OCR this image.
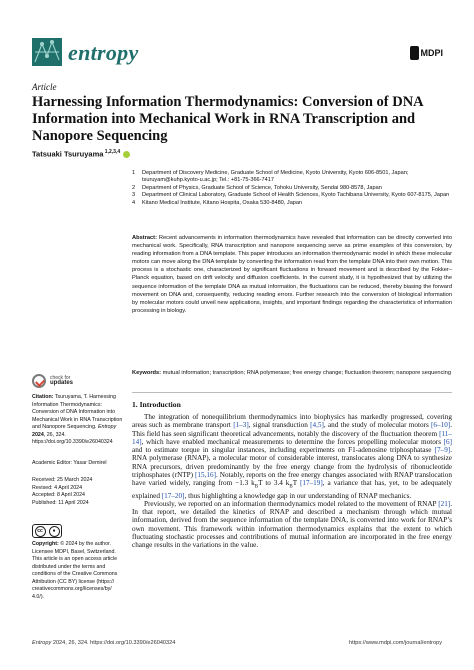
entropy	MDPI
Article
Harnessing Information Thermodynamics: Conversion of DNA Information into Mechanical Work in RNA Transcription and Nanopore Sequencing
Tatsuaki Tsuruyama $^{1,2,3,4}$
1	Department of Discovery Medicine, Graduate School of Medicine, Kyoto University, Kyoto 606-8501, Japan; tsuruyam@kuhp.kyoto-u.ac.jp; Tel.: +81-75-366-7417
2	Department of Physics, Graduate School of Science, Tohoku University, Sendai 980-8578, Japan
3	Department of Clinical Laboratory, Graduate School of Health Sciences, Kyoto Tachibana University, Kyoto 607-8175, Japan
4	Kitano Medical Institute, Kitano Hospita, Osaka 530-8480, Japan
Abstract: Recent advancements in information thermodynamics have revealed that information can be directly converted into mechanical work. Specifically, RNA transcription and nanopore sequencing serve as prime examples of this conversion, by reading information from a DNA template. This paper introduces an information thermodynamic model in which these molecular motors can move along the DNA template by converting the information read from the template DNA into their own motion. This process is a stochastic one, characterized by significant fluctuations in forward movement and is described by the Fokker–Planck equation, based on drift velocity and diffusion coefficients. In the current study, it is hypothesized that by utilizing the sequence information of the template DNA as mutual information, the fluctuations can be reduced, thereby biasing the forward movement on DNA and, consequently, reducing reading errors. Further research into the conversion of biological information by molecular motors could unveil new applications, insights, and important findings regarding the characteristics of information processing in biology.
Keywords: mutual information; transcription; RNA polymerase; free energy change; fluctuation theorem; nanopore sequencing
1. Introduction

The integration of nonequilibrium thermodynamics into biophysics has markedly progressed, covering areas such as membrane transport [1–3], signal transduction [4,5], and the study of molecular motors [6–10]. This field has seen significant theoretical advancements, notably the discovery of the fluctuation theorem [11–14], which have enabled mechanical measurements to determine the forces propelling molecular motors [6] and to estimate torque in singular instances, including experiments on F1-adenosine triphosphatase [7–9]. RNA polymerase (RNAP), a molecular motor of considerable interest, translocates along DNA to synthesize RNA precursors, driven predominantly by the free energy change from the hydrolysis of ribonucleotide triphosphates (rNTP) [15,16]. Notably, reports on the free energy changes associated with RNAP translocation have varied widely, ranging from −1.3 $k_BT$ to 3.4 $k_BT$ [17–19], a variance that has, yet, to be adequately explained [17–20], thus highlighting a knowledge gap in our understanding of RNAP mechanics.

Previously, we reported on an information thermodynamics model related to the movement of RNAP [21]. In that report, we detailed the kinetics of RNAP and described a mechanism through which mutual information, derived from the sequence information of the template DNA, is converted into work for RNAP’s own movement. This framework within information thermodynamics explains that the extent to which fluctuating stochastic processes and contributions of mutual information are incorporated in the free energy change results in the variations in the value.

check for
updates
Citation: Tsuruyama, T. Harnessing Information Thermodynamics: Conversion of DNA Information into Mechanical Work in RNA Transcription and Nanopore Sequencing. Entropy 2024, 26, 324. https://doi.org/10.3390/e26040324
Academic Editor: Yasar Demirel
Received: 25 March 2024
Revised: 4 April 2024
Accepted: 8 April 2024
Published: 11 April 2024
cc	●
Copyright: © 2024 by the author. Licensee MDPI, Basel, Switzerland. This article is an open access article distributed under the terms and conditions of the Creative Commons Attribution (CC BY) license (https:// creativecommons.org/licenses/by/ 4.0/).
Entropy 2024, 26, 324. https://doi.org/10.3390/e26040324	https://www.mdpi.com/journal/entropy
